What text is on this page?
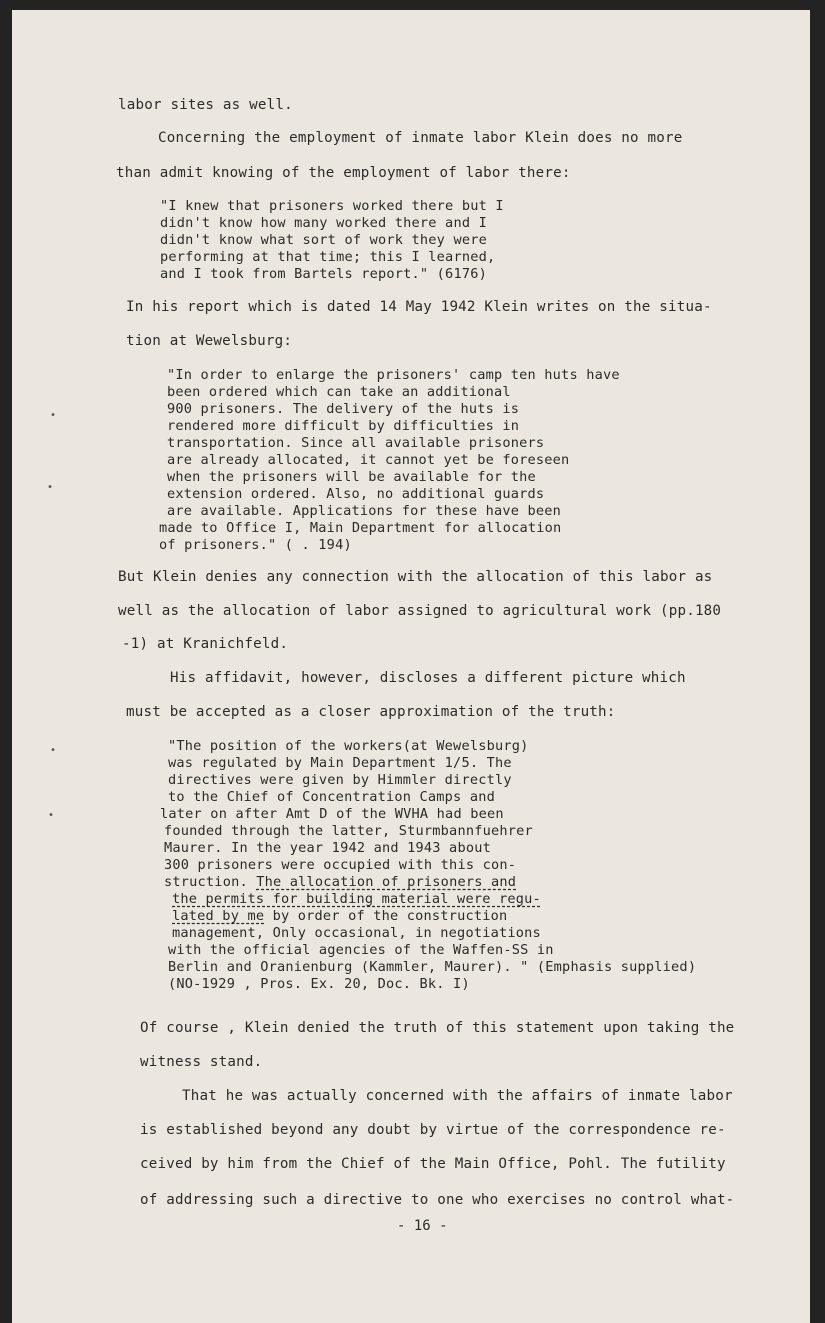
labor sites as well.
Concerning the employment of inmate labor Klein does no more
than admit knowing of the employment of labor there:
"I knew that prisoners worked there but I
didn't know how many worked there and I
didn't know what sort of work they were
performing at that time; this I learned,
and I took from Bartels report." (6176)
In his report which is dated 14 May 1942 Klein writes on the situa-
tion at Wewelsburg:
"In order to enlarge the prisoners' camp ten huts have
been ordered which can take an additional
900 prisoners. The delivery of the huts is
rendered more difficult by difficulties in
transportation. Since all available prisoners
are already allocated, it cannot yet be foreseen
when the prisoners will be available for the
extension ordered. Also, no additional guards
are available. Applications for these have been
made to Office I, Main Department for allocation
of prisoners." ( . 194)
But Klein denies any connection with the allocation of this labor as
well as the allocation of labor assigned to agricultural work (pp.180
-1) at Kranichfeld.
His affidavit, however, discloses a different picture which
must be accepted as a closer approximation of the truth:
"The position of the workers(at Wewelsburg)
was regulated by Main Department 1/5. The
directives were given by Himmler directly
to the Chief of Concentration Camps and
later on after Amt D of the WVHA had been
founded through the latter, Sturmbannfuehrer
Maurer. In the year 1942 and 1943 about
300 prisoners were occupied with this con-
struction. The allocation of prisoners and
the permits for building material were regu-
lated by me by order of the construction
management, Only occasional, in negotiations
with the official agencies of the Waffen-SS in
Berlin and Oranienburg (Kammler, Maurer). " (Emphasis supplied)
(NO-1929 , Pros. Ex. 20, Doc. Bk. I)
Of course , Klein denied the truth of this statement upon taking the
witness stand.
That he was actually concerned with the affairs of inmate labor
is established beyond any doubt by virtue of the correspondence re-
ceived by him from the Chief of the Main Office, Pohl. The futility
of addressing such a directive to one who exercises no control what-
- 16 -
•
•
•
•
